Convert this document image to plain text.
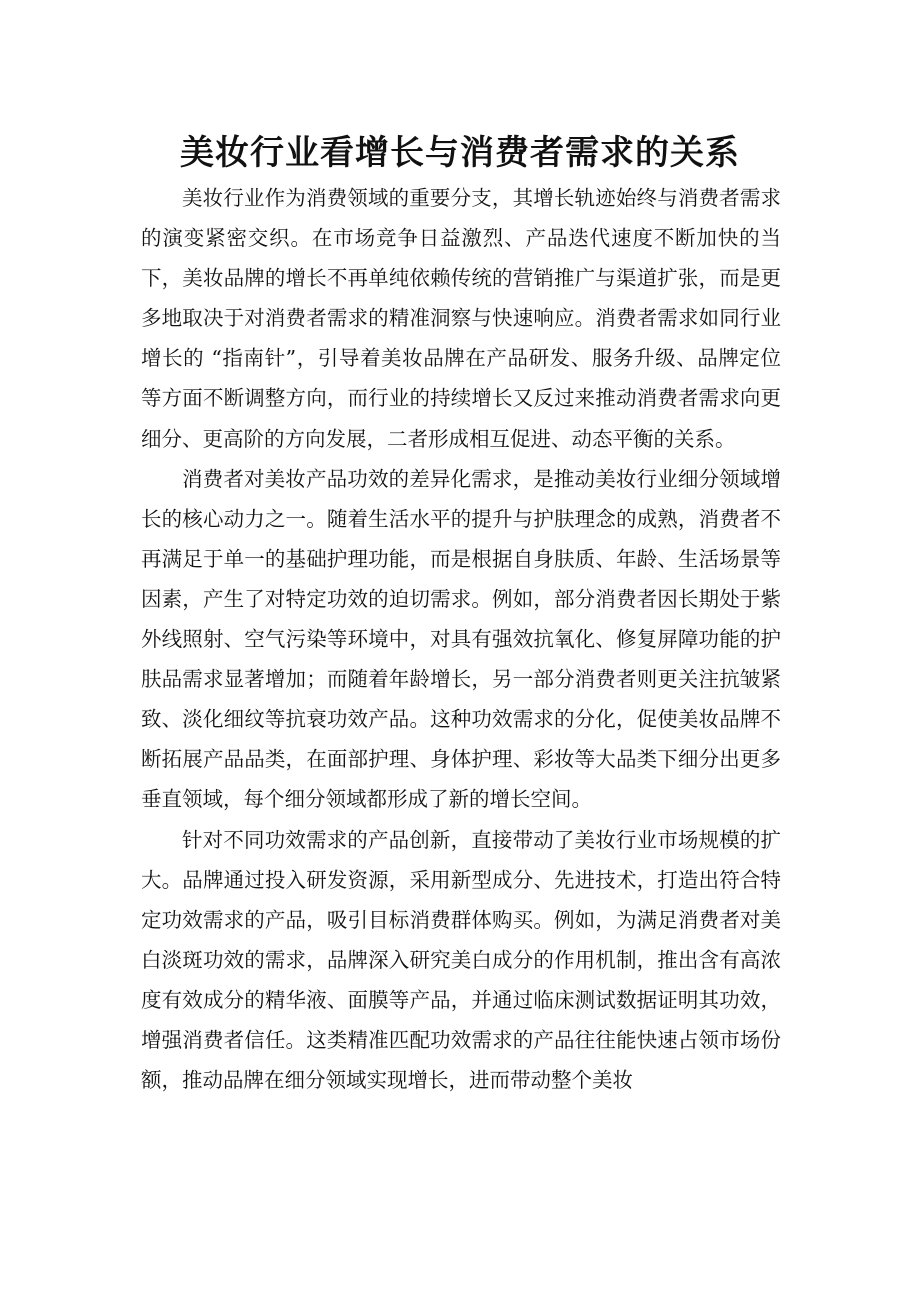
美妆行业看增长与消费者需求的关系

美妆行业作为消费领域的重要分支，其增长轨迹始终与消费者需求的演变紧密交织。在市场竞争日益激烈、产品迭代速度不断加快的当下，美妆品牌的增长不再单纯依赖传统的营销推广与渠道扩张，而是更多地取决于对消费者需求的精准洞察与快速响应。消费者需求如同行业增长的 “指南针”，引导着美妆品牌在产品研发、服务升级、品牌定位等方面不断调整方向，而行业的持续增长又反过来推动消费者需求向更细分、更高阶的方向发展，二者形成相互促进、动态平衡的关系。

消费者对美妆产品功效的差异化需求，是推动美妆行业细分领域增长的核心动力之一。随着生活水平的提升与护肤理念的成熟，消费者不再满足于单一的基础护理功能，而是根据自身肤质、年龄、生活场景等因素，产生了对特定功效的迫切需求。例如，部分消费者因长期处于紫外线照射、空气污染等环境中，对具有强效抗氧化、修复屏障功能的护肤品需求显著增加；而随着年龄增长，另一部分消费者则更关注抗皱紧致、淡化细纹等抗衰功效产品。这种功效需求的分化，促使美妆品牌不断拓展产品品类，在面部护理、身体护理、彩妆等大品类下细分出更多垂直领域，每个细分领域都形成了新的增长空间。

针对不同功效需求的产品创新，直接带动了美妆行业市场规模的扩大。品牌通过投入研发资源，采用新型成分、先进技术，打造出符合特定功效需求的产品，吸引目标消费群体购买。例如，为满足消费者对美白淡斑功效的需求，品牌深入研究美白成分的作用机制，推出含有高浓度有效成分的精华液、面膜等产品，并通过临床测试数据证明其功效，增强消费者信任。这类精准匹配功效需求的产品往往能快速占领市场份额，推动品牌在细分领域实现增长，进而带动整个美妆
